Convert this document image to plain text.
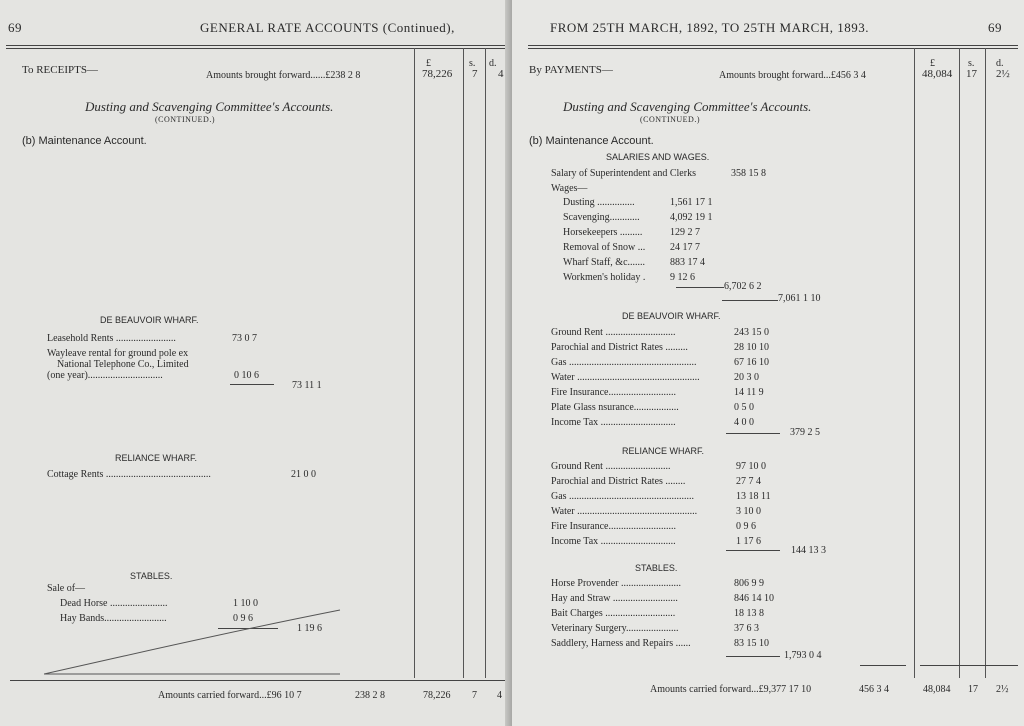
69	GENERAL RATE ACCOUNTS (Continued),
To RECEIPTS—
£	s. d.
Amounts brought forward......£238 2 8	78,226 7 4
Dusting and Scavenging Committee's Accounts.
(CONTINUED.)
(b) Maintenance Account.
DE BEAUVOIR WHARF.
Leasehold Rents ........................	73 0 7
Wayleave rental for ground pole ex
National Telephone Co., Limited
(one year)..............................	0 10 6
73 11 1
RELIANCE WHARF.
Cottage Rents ..........................................	21 0 0
STABLES.
Sale of—
Dead Horse .......................	1 10 0
Hay Bands.........................	0 9 6
1 19 6
Amounts carried forward...£96 10 7	238 2 8	78,226 7 4
FROM 25TH MARCH, 1892, TO 25TH MARCH, 1893.	69
By PAYMENTS—
£	s. d.
Amounts brought forward...£456 3 4	48,084 17 2½
Dusting and Scavenging Committee's Accounts.
(CONTINUED.)
(b) Maintenance Account.
SALARIES AND WAGES.
Salary of Superintendent and Clerks	358 15 8
Wages—
Dusting ...............	1,561 17 1
Scavenging............	4,092 19 1
Horsekeepers .........	129 2 7
Removal of Snow ... 24 17 7
Wharf Staff, &c....... 883 17 4
Workmen's holiday . 9 12 6
6,702 6 2
7,061 1 10
DE BEAUVOIR WHARF.
Ground Rent ............................	243 15 0
Parochial and District Rates .........	28 10 10
Gas ...................................................	67 16 10
Water .................................................	20 3 0
Fire Insurance...........................	14 11 9
Plate Glass nsurance..................	0 5 0
Income Tax ..............................	4 0 0
379 2 5
RELIANCE WHARF.
Ground Rent ..........................	97 10 0
Parochial and District Rates ........	27 7 4
Gas ..................................................	13 18 11
Water ................................................	3 10 0
Fire Insurance...........................	0 9 6
Income Tax ..............................	1 17 6
144 13 3
STABLES.
Horse Provender ........................	806 9 9
Hay and Straw ..........................	846 14 10
Bait Charges ............................	18 13 8
Veterinary Surgery.....................	37 6 3
Saddlery, Harness and Repairs ......	83 15 10
1,793 0 4
Amounts carried forward...£9,377 17 10	456 3 4	48,084 17 2½
